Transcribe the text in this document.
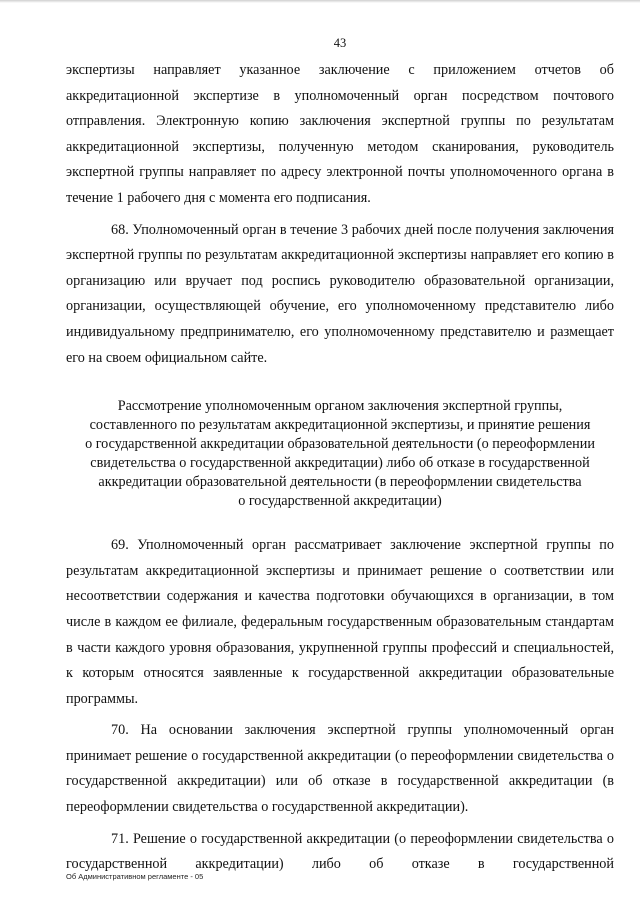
43

экспертизы направляет указанное заключение с приложением отчетов об аккредитационной экспертизе в уполномоченный орган посредством почтового отправления. Электронную копию заключения экспертной группы по результатам аккредитационной экспертизы, полученную методом сканирования, руководитель экспертной группы направляет по адресу электронной почты уполномоченного органа в течение 1 рабочего дня с момента его подписания.

68. Уполномоченный орган в течение 3 рабочих дней после получения заключения экспертной группы по результатам аккредитационной экспертизы направляет его копию в организацию или вручает под роспись руководителю образовательной организации, организации, осуществляющей обучение, его уполномоченному представителю либо индивидуальному предпринимателю, его уполномоченному представителю и размещает его на своем официальном сайте.

Рассмотрение уполномоченным органом заключения экспертной группы,
составленного по результатам аккредитационной экспертизы, и принятие решения
о государственной аккредитации образовательной деятельности (о переоформлении
свидетельства о государственной аккредитации) либо об отказе в государственной
аккредитации образовательной деятельности (в переоформлении свидетельства
о государственной аккредитации)

69. Уполномоченный орган рассматривает заключение экспертной группы по результатам аккредитационной экспертизы и принимает решение о соответствии или несоответствии содержания и качества подготовки обучающихся в организации, в том числе в каждом ее филиале, федеральным государственным образовательным стандартам в части каждого уровня образования, укрупненной группы профессий и специальностей, к которым относятся заявленные к государственной аккредитации образовательные программы.

70. На основании заключения экспертной группы уполномоченный орган принимает решение о государственной аккредитации (о переоформлении свидетельства о государственной аккредитации) или об отказе в государственной аккредитации (в переоформлении свидетельства о государственной аккредитации).

71. Решение о государственной аккредитации (о переоформлении свидетельства о государственной аккредитации) либо об отказе в государственной

Об Административном регламенте - 05
